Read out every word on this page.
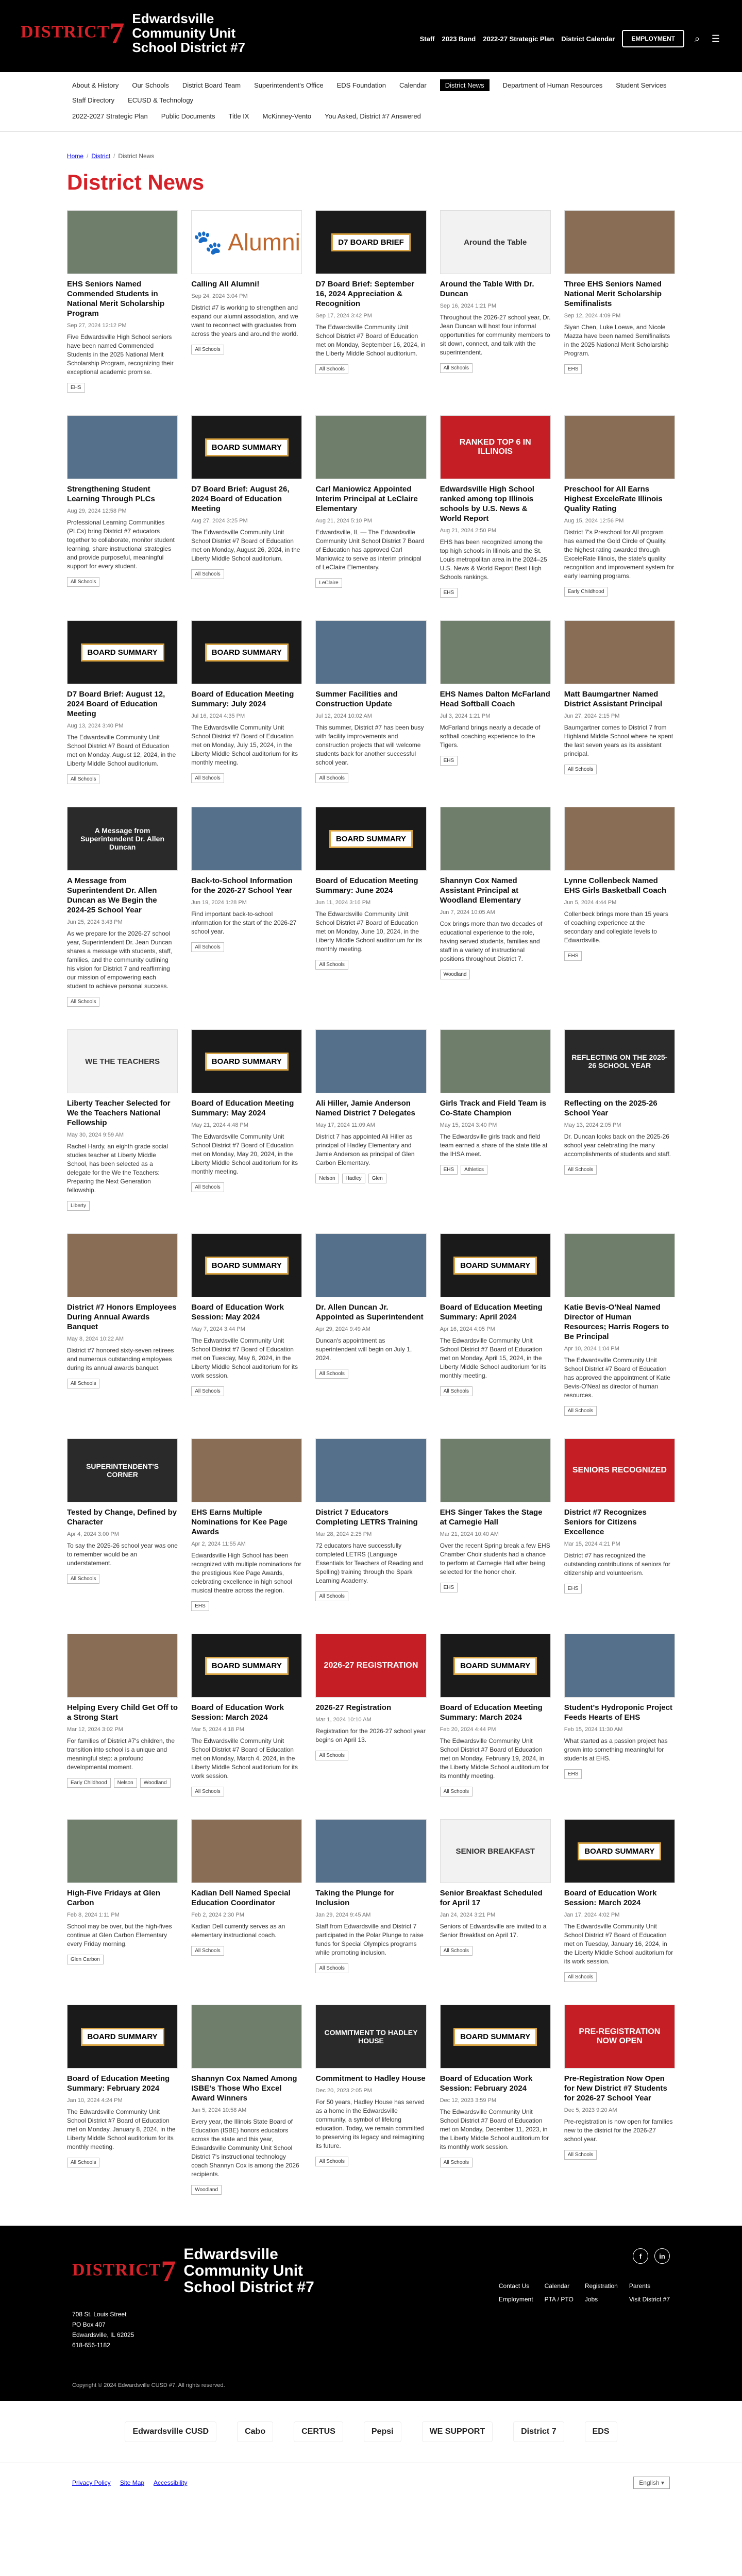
DISTRICT7 Edwardsville
Community Unit
School District #7
Staff 2023 Bond 2022-27 Strategic Plan District Calendar	EMPLOYMENT	⌕	☰
About & History Our Schools District Board Team Superintendent's Office EDS Foundation Calendar	District News	Department of Human Resources Student Services
Staff Directory ECUSD & Technology
2022-2027 Strategic Plan Public Documents Title IX McKinney-Vento You Asked, District #7 Answered
Home / District / District News
District News
EHS Seniors Named Commended Students in National Merit Scholarship Program
Sep 27, 2024 12:12 PM

Five Edwardsville High School seniors have been named Commended Students in the 2025 National Merit Scholarship Program, recognizing their exceptional academic promise.

EHS
🐾 Alumni
Calling All Alumni!
Sep 24, 2024 3:04 PM

District #7 is working to strengthen and expand our alumni association, and we want to reconnect with graduates from across the years and around the world.

All Schools
D7 BOARD BRIEF
D7 Board Brief: September 16, 2024 Appreciation & Recognition
Sep 17, 2024 3:42 PM

The Edwardsville Community Unit School District #7 Board of Education met on Monday, September 16, 2024, in the Liberty Middle School auditorium.

All Schools
Around the Table
Around the Table With Dr. Duncan
Sep 16, 2024 1:21 PM

Throughout the 2026-27 school year, Dr. Jean Duncan will host four informal opportunities for community members to sit down, connect, and talk with the superintendent.

All Schools
Three EHS Seniors Named National Merit Scholarship Semifinalists
Sep 12, 2024 4:09 PM

Siyan Chen, Luke Loewe, and Nicole Mazza have been named Semifinalists in the 2025 National Merit Scholarship Program.

EHS
Strengthening Student Learning Through PLCs
Aug 29, 2024 12:58 PM

Professional Learning Communities (PLCs) bring District #7 educators together to collaborate, monitor student learning, share instructional strategies and provide purposeful, meaningful support for every student.

All Schools
BOARD SUMMARY
D7 Board Brief: August 26, 2024 Board of Education Meeting
Aug 27, 2024 3:25 PM

The Edwardsville Community Unit School District #7 Board of Education met on Monday, August 26, 2024, in the Liberty Middle School auditorium.

All Schools
Carl Maniowicz Appointed Interim Principal at LeClaire Elementary
Aug 21, 2024 5:10 PM

Edwardsville, IL — The Edwardsville Community Unit School District 7 Board of Education has approved Carl Maniowicz to serve as interim principal of LeClaire Elementary.

LeClaire
RANKED TOP 6 IN ILLINOIS
Edwardsville High School ranked among top Illinois schools by U.S. News & World Report
Aug 21, 2024 2:50 PM

EHS has been recognized among the top high schools in Illinois and the St. Louis metropolitan area in the 2024–25 U.S. News & World Report Best High Schools rankings.

EHS
Preschool for All Earns Highest ExceleRate Illinois Quality Rating
Aug 15, 2024 12:56 PM

District 7's Preschool for All program has earned the Gold Circle of Quality, the highest rating awarded through ExceleRate Illinois, the state's quality recognition and improvement system for early learning programs.

Early Childhood
BOARD SUMMARY
D7 Board Brief: August 12, 2024 Board of Education Meeting
Aug 13, 2024 3:40 PM

The Edwardsville Community Unit School District #7 Board of Education met on Monday, August 12, 2024, in the Liberty Middle School auditorium.

All Schools
BOARD SUMMARY
Board of Education Meeting Summary: July 2024
Jul 16, 2024 4:35 PM

The Edwardsville Community Unit School District #7 Board of Education met on Monday, July 15, 2024, in the Liberty Middle School auditorium for its monthly meeting.

All Schools
Summer Facilities and Construction Update
Jul 12, 2024 10:02 AM

This summer, District #7 has been busy with facility improvements and construction projects that will welcome students back for another successful school year.

All Schools
EHS Names Dalton McFarland Head Softball Coach
Jul 3, 2024 1:21 PM

McFarland brings nearly a decade of softball coaching experience to the Tigers.

EHS
Matt Baumgartner Named District Assistant Principal
Jun 27, 2024 2:15 PM

Baumgartner comes to District 7 from Highland Middle School where he spent the last seven years as its assistant principal.

All Schools
A Message from Superintendent Dr. Allen Duncan
A Message from Superintendent Dr. Allen Duncan as We Begin the 2024-25 School Year
Jun 25, 2024 3:43 PM

As we prepare for the 2026-27 school year, Superintendent Dr. Jean Duncan shares a message with students, staff, families, and the community outlining his vision for District 7 and reaffirming our mission of empowering each student to achieve personal success.

All Schools
Back-to-School Information for the 2026-27 School Year
Jun 19, 2024 1:28 PM

Find important back-to-school information for the start of the 2026-27 school year.

All Schools
BOARD SUMMARY
Board of Education Meeting Summary: June 2024
Jun 11, 2024 3:16 PM

The Edwardsville Community Unit School District #7 Board of Education met on Monday, June 10, 2024, in the Liberty Middle School auditorium for its monthly meeting.

All Schools
Shannyn Cox Named Assistant Principal at Woodland Elementary
Jun 7, 2024 10:05 AM

Cox brings more than two decades of educational experience to the role, having served students, families and staff in a variety of instructional positions throughout District 7.

Woodland
Lynne Collenbeck Named EHS Girls Basketball Coach
Jun 5, 2024 4:44 PM

Collenbeck brings more than 15 years of coaching experience at the secondary and collegiate levels to Edwardsville.

EHS
WE THE TEACHERS
Liberty Teacher Selected for We the Teachers National Fellowship
May 30, 2024 9:59 AM

Rachel Hardy, an eighth grade social studies teacher at Liberty Middle School, has been selected as a delegate for the We the Teachers: Preparing the Next Generation fellowship.

Liberty
BOARD SUMMARY
Board of Education Meeting Summary: May 2024
May 21, 2024 4:48 PM

The Edwardsville Community Unit School District #7 Board of Education met on Monday, May 20, 2024, in the Liberty Middle School auditorium for its monthly meeting.

All Schools
Ali Hiller, Jamie Anderson Named District 7 Delegates
May 17, 2024 11:09 AM

District 7 has appointed Ali Hiller as principal of Hadley Elementary and Jamie Anderson as principal of Glen Carbon Elementary.

Nelson	Hadley	Glen
Girls Track and Field Team is Co-State Champion
May 15, 2024 3:40 PM

The Edwardsville girls track and field team earned a share of the state title at the IHSA meet.

EHS	Athletics
REFLECTING ON THE 2025-26 SCHOOL YEAR
Reflecting on the 2025-26 School Year
May 13, 2024 2:05 PM

Dr. Duncan looks back on the 2025-26 school year celebrating the many accomplishments of students and staff.

All Schools
District #7 Honors Employees During Annual Awards Banquet
May 8, 2024 10:22 AM

District #7 honored sixty-seven retirees and numerous outstanding employees during its annual awards banquet.

All Schools
BOARD SUMMARY
Board of Education Work Session: May 2024
May 7, 2024 3:44 PM

The Edwardsville Community Unit School District #7 Board of Education met on Tuesday, May 6, 2024, in the Liberty Middle School auditorium for its work session.

All Schools
Dr. Allen Duncan Jr. Appointed as Superintendent
Apr 29, 2024 9:49 AM

Duncan's appointment as superintendent will begin on July 1, 2024.

All Schools
BOARD SUMMARY
Board of Education Meeting Summary: April 2024
Apr 16, 2024 4:05 PM

The Edwardsville Community Unit School District #7 Board of Education met on Monday, April 15, 2024, in the Liberty Middle School auditorium for its monthly meeting.

All Schools
Katie Bevis-O'Neal Named Director of Human Resources; Harris Rogers to Be Principal
Apr 10, 2024 1:04 PM

The Edwardsville Community Unit School District #7 Board of Education has approved the appointment of Katie Bevis-O'Neal as director of human resources.

All Schools
SUPERINTENDENT'S CORNER
Tested by Change, Defined by Character
Apr 4, 2024 3:00 PM

To say the 2025-26 school year was one to remember would be an understatement.

All Schools
EHS Earns Multiple Nominations for Kee Page Awards
Apr 2, 2024 11:55 AM

Edwardsville High School has been recognized with multiple nominations for the prestigious Kee Page Awards, celebrating excellence in high school musical theatre across the region.

EHS
District 7 Educators Completing LETRS Training
Mar 28, 2024 2:25 PM

72 educators have successfully completed LETRS (Language Essentials for Teachers of Reading and Spelling) training through the Spark Learning Academy.

All Schools
EHS Singer Takes the Stage at Carnegie Hall
Mar 21, 2024 10:40 AM

Over the recent Spring break a few EHS Chamber Choir students had a chance to perform at Carnegie Hall after being selected for the honor choir.

EHS
SENIORS RECOGNIZED
District #7 Recognizes Seniors for Citizens Excellence
Mar 15, 2024 4:21 PM

District #7 has recognized the outstanding contributions of seniors for citizenship and volunteerism.

EHS
Helping Every Child Get Off to a Strong Start
Mar 12, 2024 3:02 PM

For families of District #7's children, the transition into school is a unique and meaningful step: a profound developmental moment.

Early Childhood	Nelson	Woodland
BOARD SUMMARY
Board of Education Work Session: March 2024
Mar 5, 2024 4:18 PM

The Edwardsville Community Unit School District #7 Board of Education met on Monday, March 4, 2024, in the Liberty Middle School auditorium for its work session.

All Schools
2026-27 REGISTRATION
2026-27 Registration
Mar 1, 2024 10:10 AM

Registration for the 2026-27 school year begins on April 13.

All Schools
BOARD SUMMARY
Board of Education Meeting Summary: March 2024
Feb 20, 2024 4:44 PM

The Edwardsville Community Unit School District #7 Board of Education met on Monday, February 19, 2024, in the Liberty Middle School auditorium for its monthly meeting.

All Schools
Student's Hydroponic Project Feeds Hearts of EHS
Feb 15, 2024 11:30 AM

What started as a passion project has grown into something meaningful for students at EHS.

EHS
High-Five Fridays at Glen Carbon
Feb 8, 2024 1:11 PM

School may be over, but the high-fives continue at Glen Carbon Elementary every Friday morning.

Glen Carbon
Kadian Dell Named Special Education Coordinator
Feb 2, 2024 2:30 PM

Kadian Dell currently serves as an elementary instructional coach.

All Schools
Taking the Plunge for Inclusion
Jan 29, 2024 9:45 AM

Staff from Edwardsville and District 7 participated in the Polar Plunge to raise funds for Special Olympics programs while promoting inclusion.

All Schools
SENIOR BREAKFAST
Senior Breakfast Scheduled for April 17
Jan 24, 2024 3:21 PM

Seniors of Edwardsville are invited to a Senior Breakfast on April 17.

All Schools
BOARD SUMMARY
Board of Education Work Session: March 2024
Jan 17, 2024 4:02 PM

The Edwardsville Community Unit School District #7 Board of Education met on Tuesday, January 16, 2024, in the Liberty Middle School auditorium for its work session.

All Schools
BOARD SUMMARY
Board of Education Meeting Summary: February 2024
Jan 10, 2024 4:24 PM

The Edwardsville Community Unit School District #7 Board of Education met on Monday, January 8, 2024, in the Liberty Middle School auditorium for its monthly meeting.

All Schools
Shannyn Cox Named Among ISBE's Those Who Excel Award Winners
Jan 5, 2024 10:58 AM

Every year, the Illinois State Board of Education (ISBE) honors educators across the state and this year, Edwardsville Community Unit School District 7's instructional technology coach Shannyn Cox is among the 2026 recipients.

Woodland
COMMITMENT TO HADLEY HOUSE
Commitment to Hadley House
Dec 20, 2023 2:05 PM

For 50 years, Hadley House has served as a home in the Edwardsville community, a symbol of lifelong education. Today, we remain committed to preserving its legacy and reimagining its future.

All Schools
BOARD SUMMARY
Board of Education Work Session: February 2024
Dec 12, 2023 3:59 PM

The Edwardsville Community Unit School District #7 Board of Education met on Monday, December 11, 2023, in the Liberty Middle School auditorium for its monthly work session.

All Schools
PRE-REGISTRATION NOW OPEN
Pre-Registration Now Open for New District #7 Students for 2026-27 School Year
Dec 5, 2023 9:20 AM

Pre-registration is now open for families new to the district for the 2026-27 school year.

All Schools
DISTRICT7 Edwardsville
Community Unit
School District #7
708 St. Louis Street
PO Box 407
Edwardsville, IL 62025
618-656-1182
f	in
Contact Us	Calendar	Registration Parents
Employment PTA / PTO Jobs	Visit District #7
Copyright © 2024 Edwardsville CUSD #7. All rights reserved.
Edwardsville CUSD	Cabo	CERTUS	Pepsi	WE SUPPORT	District 7	EDS
Privacy Policy Site Map Accessibility	English ▾
